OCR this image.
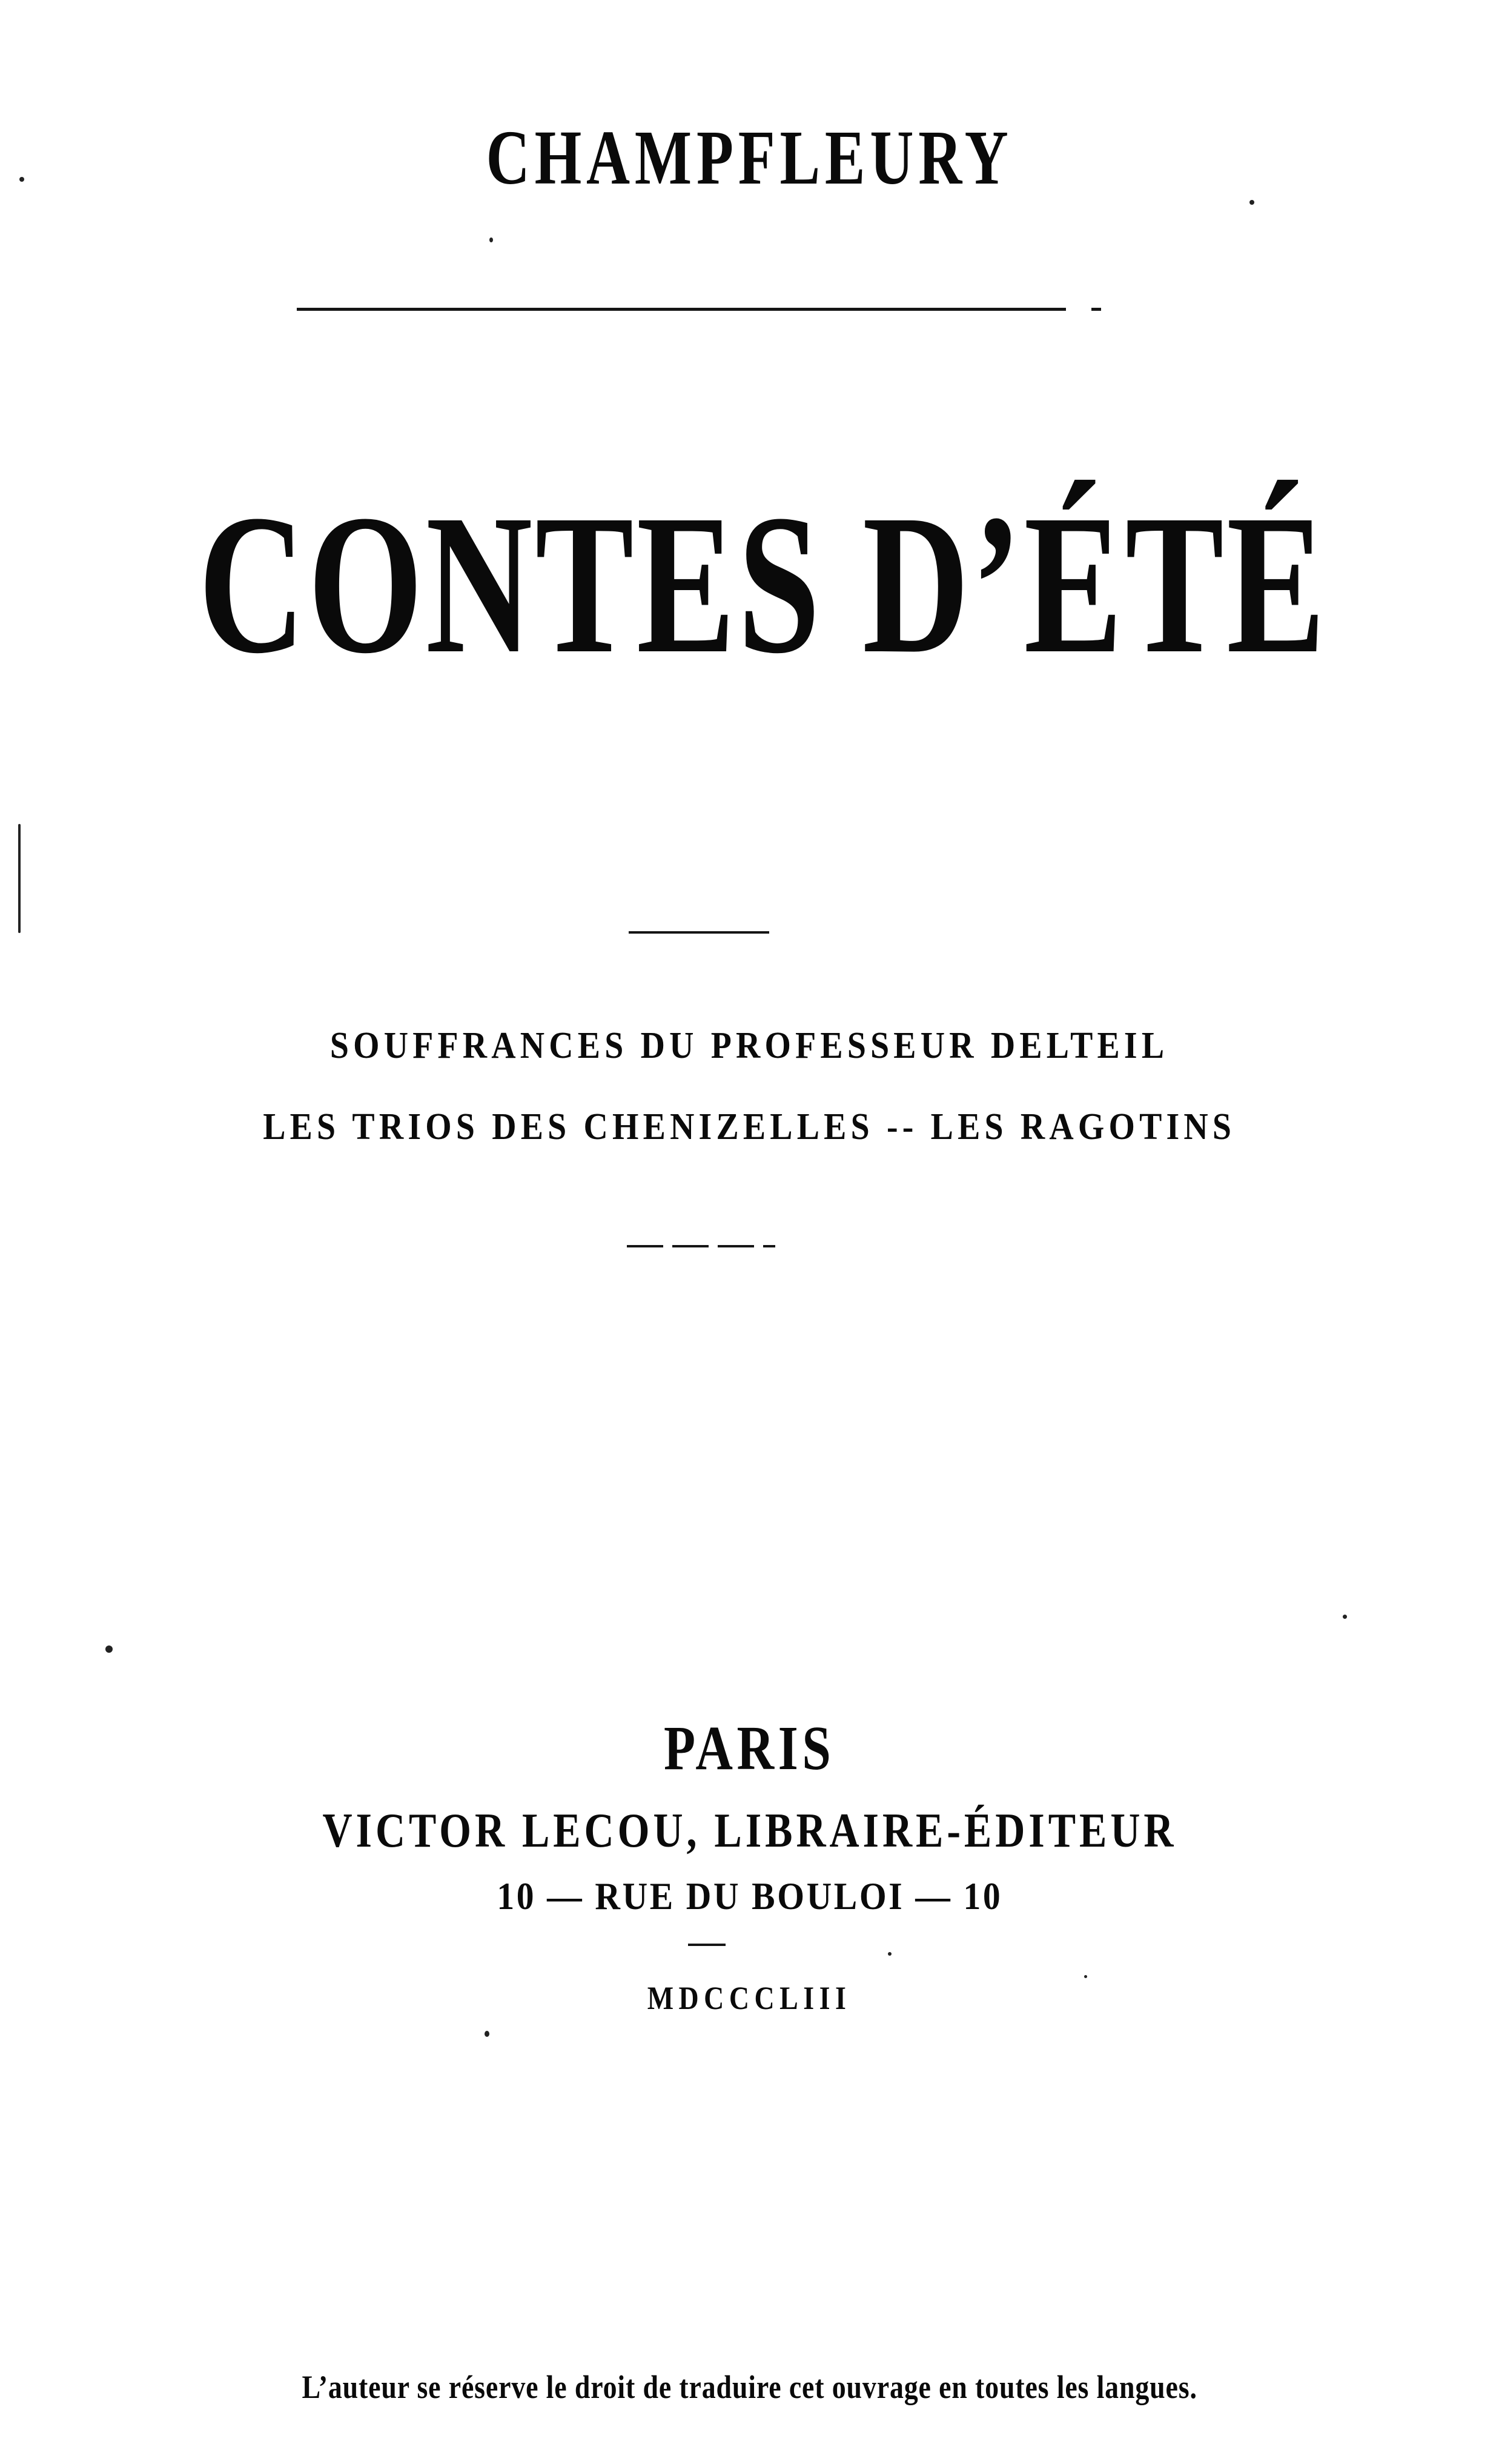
CHAMPFLEURY
CONTES D’ÉTÉ
SOUFFRANCES DU PROFESSEUR DELTEIL
LES TRIOS DES CHENIZELLES -- LES RAGOTINS
PARIS
VICTOR LECOU, LIBRAIRE-ÉDITEUR
10 — RUE DU BOULOI — 10
MDCCCLIII
L’auteur se réserve le droit de traduire cet ouvrage en toutes les langues.
